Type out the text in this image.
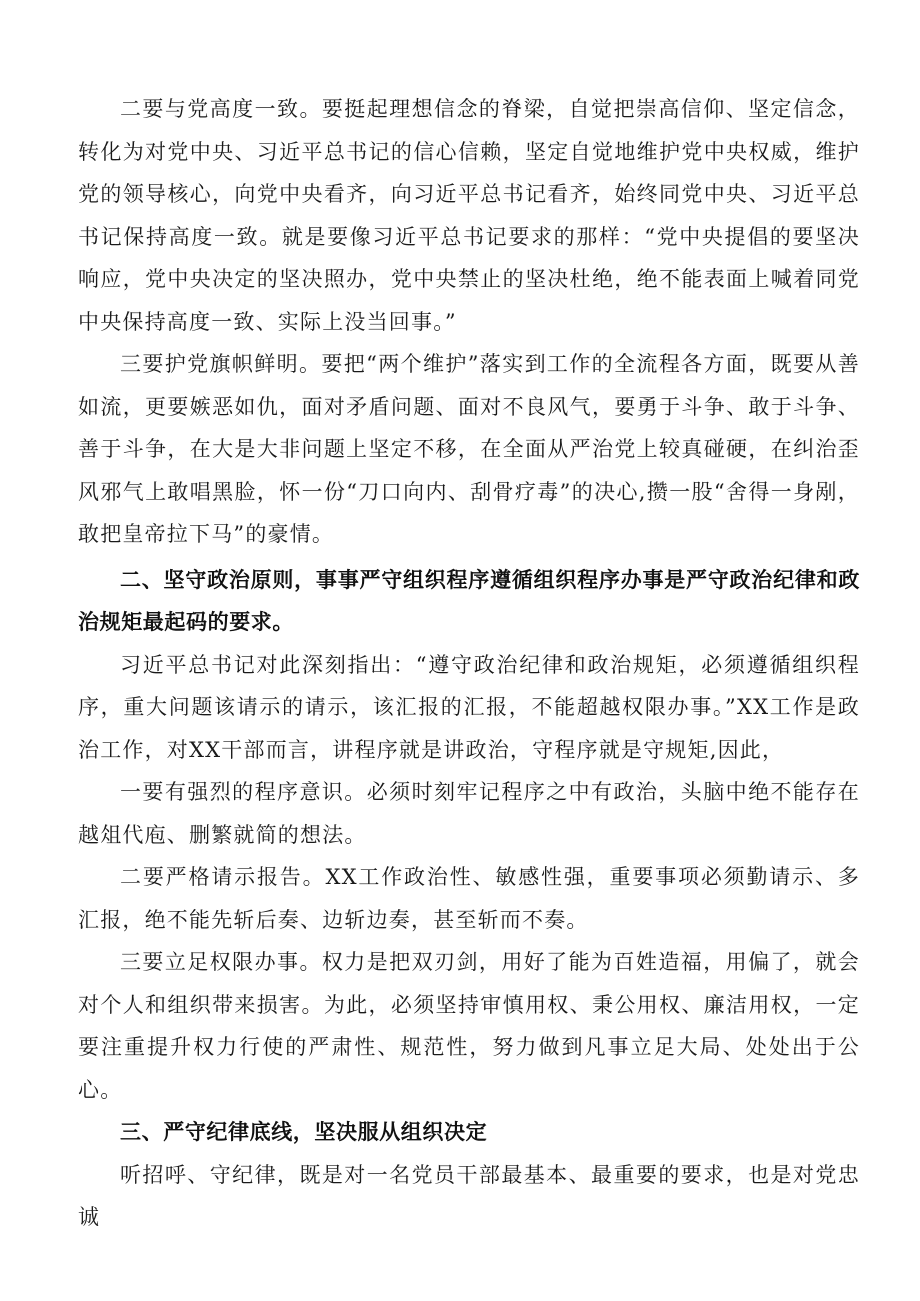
二要与党高度一致。要挺起理想信念的脊梁，自觉把崇高信仰、坚定信念，转化为对党中央、习近平总书记的信心信赖，坚定自觉地维护党中央权威，维护党的领导核心，向党中央看齐，向习近平总书记看齐，始终同党中央、习近平总书记保持高度一致。就是要像习近平总书记要求的那样：“党中央提倡的要坚决响应，党中央决定的坚决照办，党中央禁止的坚决杜绝，绝不能表面上喊着同党中央保持高度一致、实际上没当回事。”

三要护党旗帜鲜明。要把“两个维护”落实到工作的全流程各方面，既要从善如流，更要嫉恶如仇，面对矛盾问题、面对不良风气，要勇于斗争、敢于斗争、善于斗争，在大是大非问题上坚定不移，在全面从严治党上较真碰硬，在纠治歪风邪气上敢唱黑脸，怀一份“刀口向内、刮骨疗毒”的决心,攒一股“舍得一身剐，敢把皇帝拉下马”的豪情。

二、坚守政治原则，事事严守组织程序遵循组织程序办事是严守政治纪律和政治规矩最起码的要求。

习近平总书记对此深刻指出：“遵守政治纪律和政治规矩，必须遵循组织程序，重大问题该请示的请示，该汇报的汇报，不能超越权限办事。”XX工作是政治工作，对XX干部而言，讲程序就是讲政治，守程序就是守规矩,因此，

一要有强烈的程序意识。必须时刻牢记程序之中有政治，头脑中绝不能存在越俎代庖、删繁就简的想法。

二要严格请示报告。XX工作政治性、敏感性强，重要事项必须勤请示、多汇报，绝不能先斩后奏、边斩边奏，甚至斩而不奏。

三要立足权限办事。权力是把双刃剑，用好了能为百姓造福，用偏了，就会对个人和组织带来损害。为此，必须坚持审慎用权、秉公用权、廉洁用权，一定要注重提升权力行使的严肃性、规范性，努力做到凡事立足大局、处处出于公心。

三、严守纪律底线，坚决服从组织决定

听招呼、守纪律，既是对一名党员干部最基本、最重要的要求，也是对党忠诚
